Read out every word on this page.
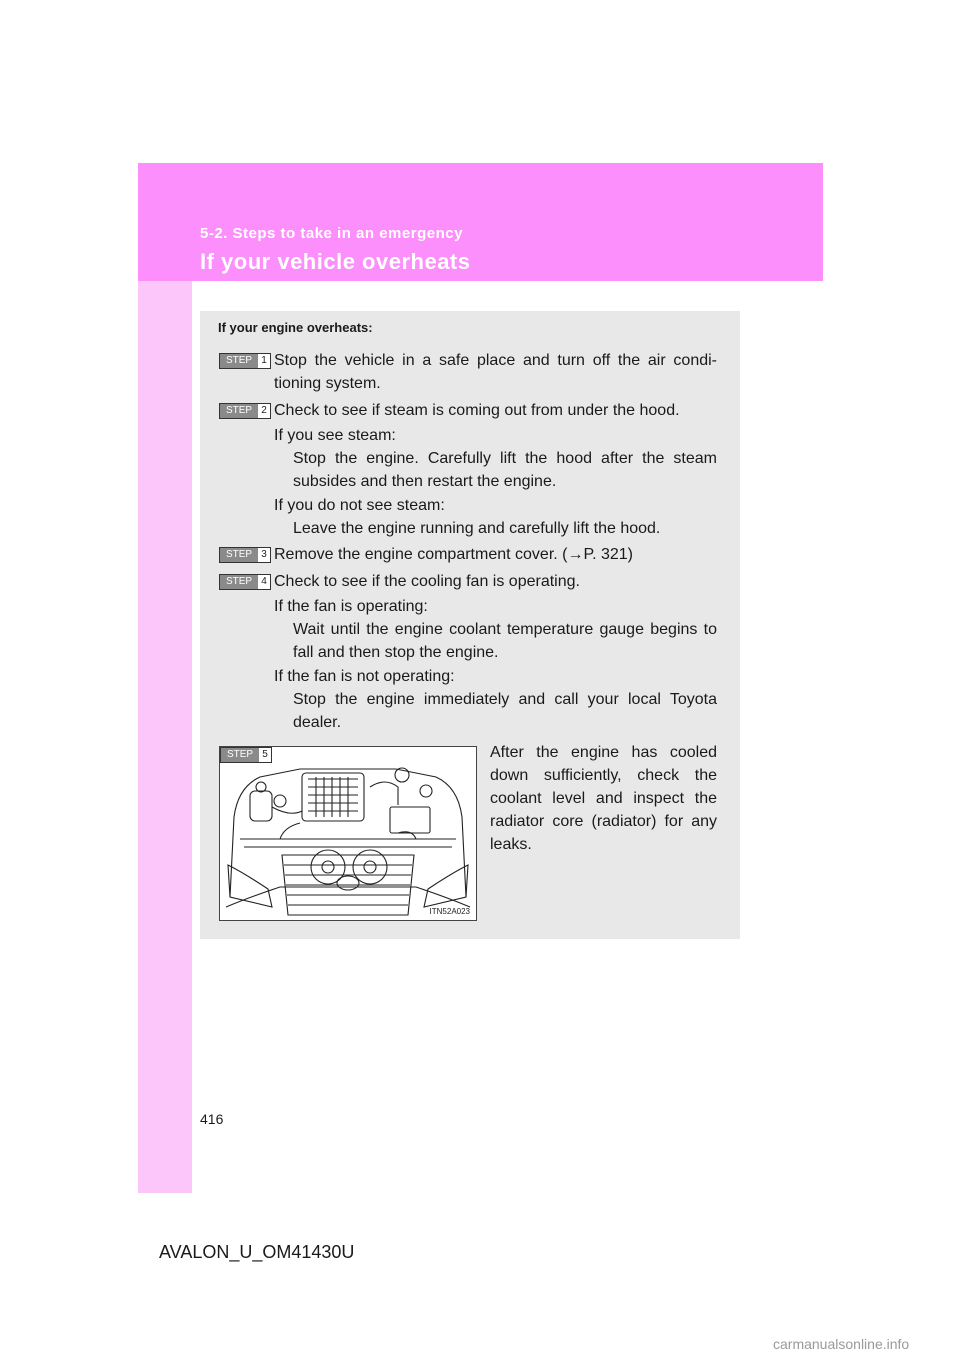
5-2. Steps to take in an emergency
If your vehicle overheats
If your engine overheats:
STEP 1 Stop the vehicle in a safe place and turn off the air condi-tioning system.
STEP 2 Check to see if steam is coming out from under the hood.
If you see steam:
Stop the engine. Carefully lift the hood after the steam subsides and then restart the engine.
If you do not see steam:
Leave the engine running and carefully lift the hood.
STEP 3 Remove the engine compartment cover. (→P. 321)
STEP 4 Check to see if the cooling fan is operating.
If the fan is operating:
Wait until the engine coolant temperature gauge begins to fall and then stop the engine.
If the fan is not operating:
Stop the engine immediately and call your local Toyota dealer.
ITN52A023
STEP 5	After the engine has cooled down sufficiently, check the coolant level and inspect the radiator core (radiator) for any leaks.
416
AVALON_U_OM41430U
carmanualsonline.info
